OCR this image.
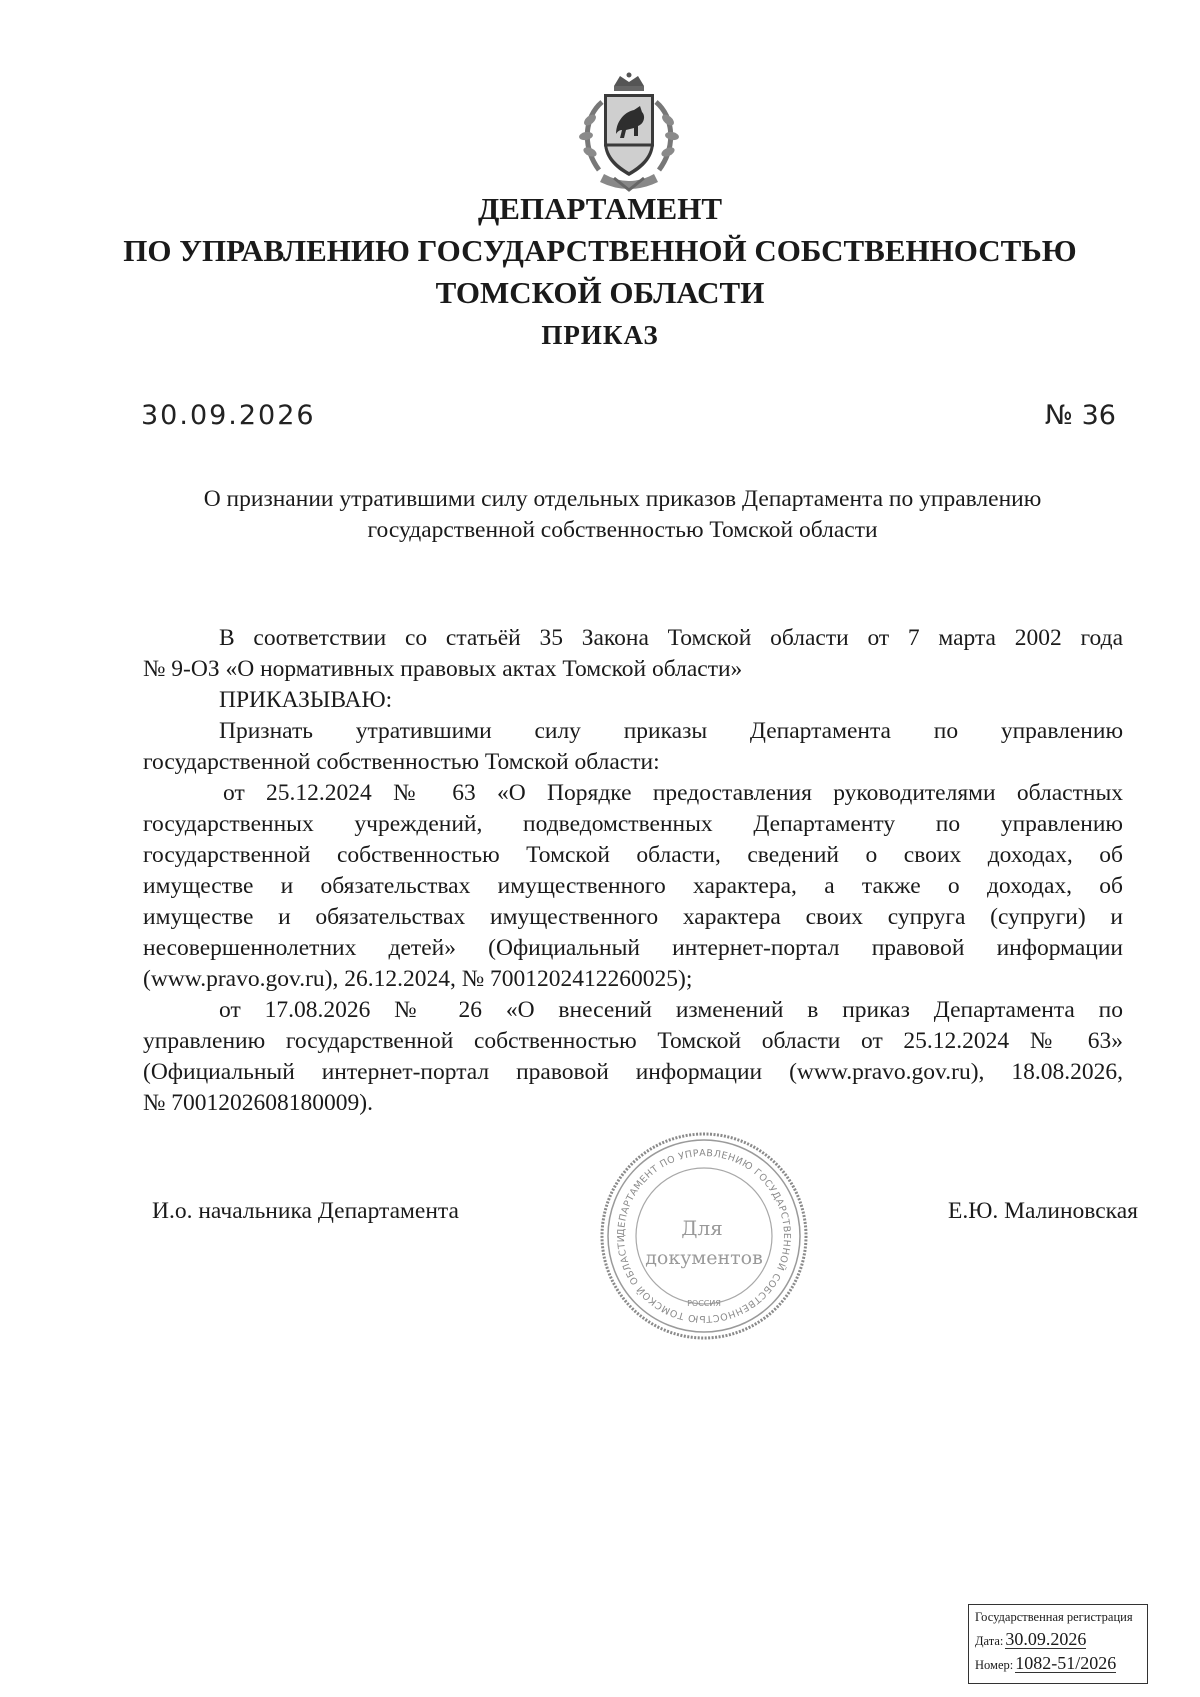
ДЕПАРТАМЕНТ
ПО УПРАВЛЕНИЮ ГОСУДАРСТВЕННОЙ СОБСТВЕННОСТЬЮ
ТОМСКОЙ ОБЛАСТИ
ПРИКАЗ
30.09.2026	№ 36
О признании утратившими силу отдельных приказов Департамента по управлению
государственной собственностью Томской области
В соответствии со статьёй 35 Закона Томской области от 7 марта 2002 года
№ 9-ОЗ «О нормативных правовых актах Томской области»
ПРИКАЗЫВАЮ:
Признать утратившими силу приказы Департамента по управлению
государственной собственностью Томской области:
от 25.12.2024 № 63 «О Порядке предоставления руководителями областных
государственных учреждений, подведомственных Департаменту по управлению
государственной собственностью Томской области, сведений о своих доходах, об
имуществе и обязательствах имущественного характера, а также о доходах, об
имуществе и обязательствах имущественного характера своих супруга (супруги) и
несовершеннолетних детей» (Официальный интернет-портал правовой информации
(www.pravo.gov.ru), 26.12.2024, № 7001202412260025);
от 17.08.2026 № 26 «О внесений изменений в приказ Департамента по
управлению государственной собственностью Томской области от 25.12.2024 № 63»
(Официальный интернет-портал правовой информации (www.pravo.gov.ru), 18.08.2026,
№ 7001202608180009).
И.о. начальника Департамента	Е.Ю. Малиновская
ДЕПАРТАМЕНТ ПО УПРАВЛЕНИЮ ГОСУДАРСТВЕННОЙ СОБСТВЕННОСТЬЮ ТОМСКОЙ ОБЛАСТИ
РОССИЯ
Для
документов
Государственная регистрация
Дата: 30.09.2026
Номер: 1082-51/2026
